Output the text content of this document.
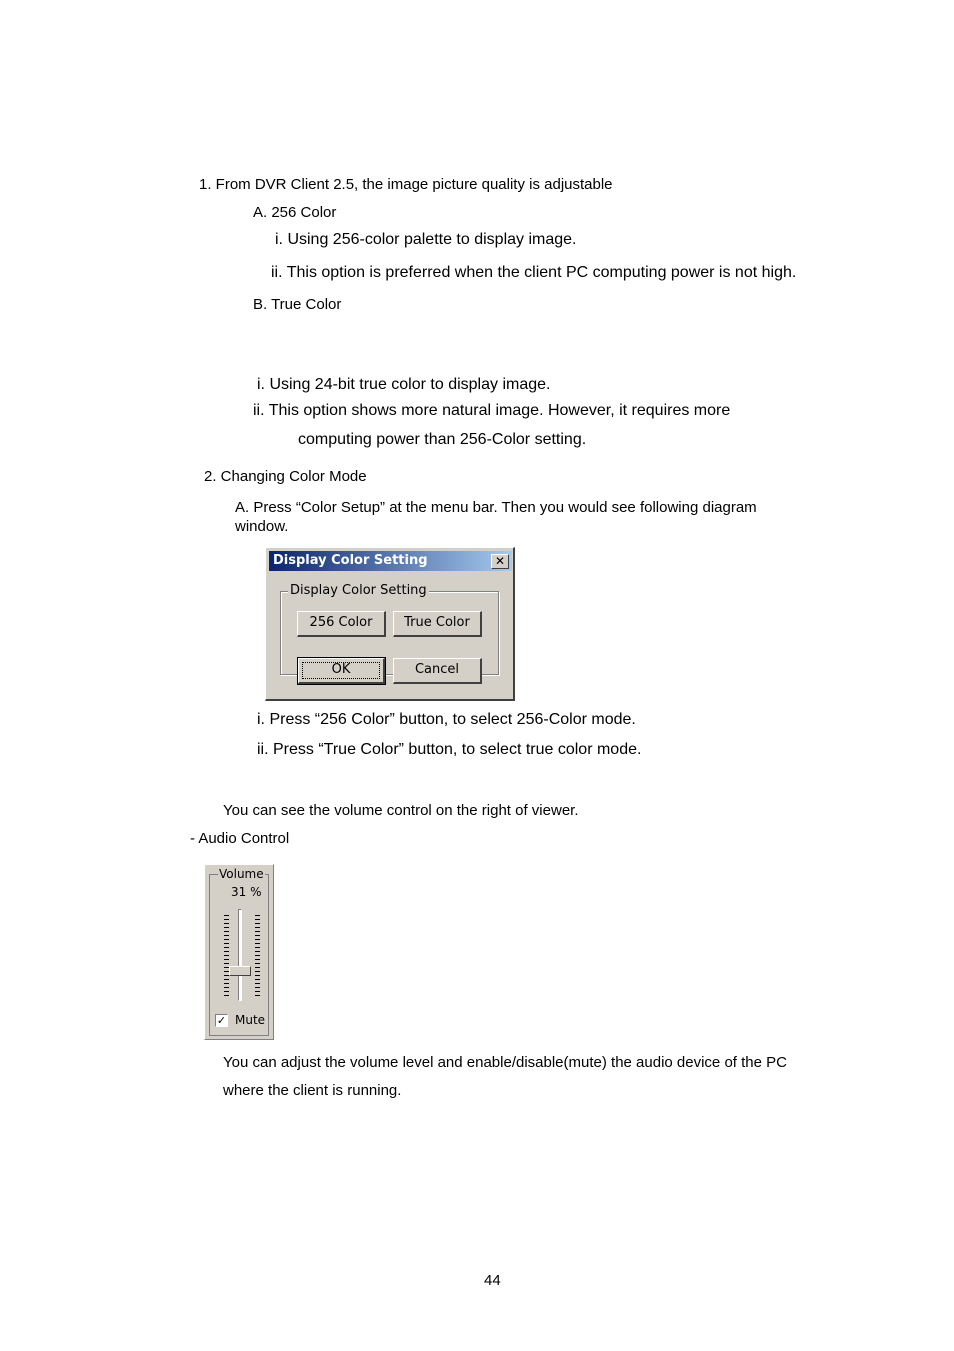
1. From DVR Client 2.5, the image picture quality is adjustable
A. 256 Color
i. Using 256-color palette to display image.
ii. This option is preferred when the client PC computing power is not high.
B. True Color
i. Using 24-bit true color to display image.
ii. This option shows more natural image. However, it requires more
computing power than 256-Color setting.
2. Changing Color Mode
A. Press “Color Setup” at the menu bar. Then you would see following diagram
window.
Display Color Setting	✕
Display Color Setting
256 Color	True Color
OK	Cancel
i. Press “256 Color” button, to select 256-Color mode.
ii. Press “True Color” button, to select true color mode.
You can see the volume control on the right of viewer.
- Audio Control
Volume
31 %
✓ Mute
You can adjust the volume level and enable/disable(mute) the audio device of the PC
where the client is running.
44
